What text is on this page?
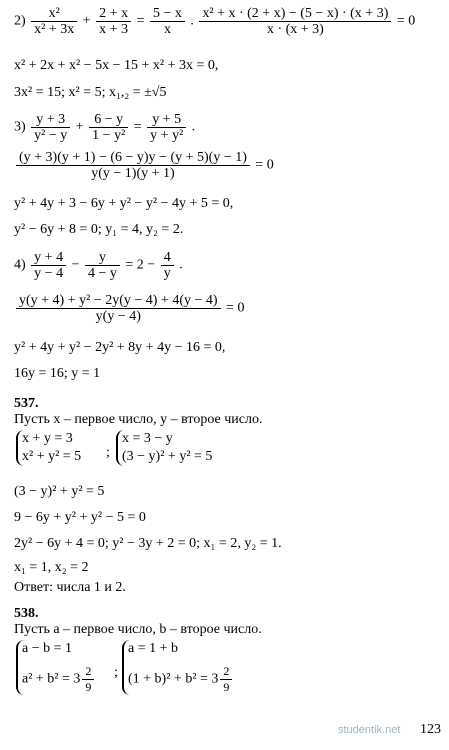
$2) \frac{\text{x²}}{\text{x² + 3x}} + \frac{2 + x}{x + 3} = \frac{5 - x}{x}$ . $\frac{\text{x² + x · (2 + x) − (5 − x) · (x + 3)}}{x \cdot (x + 3)} = 0$
x² + 2x + x² − 5x − 15 + x² + 3x = 0,
3x² = 15; x² = 5; x₁,₂ = ±√5
$3) \frac{y + 3}{\text{y² − y}} + \frac{6 - y}{\text{1 − y²}} = \frac{y + 5}{\text{y + y²}}$ .
$\frac{(y + 3)(y + 1) - (6 - y)y - (y + 5)(y - 1)}{y(y - 1)(y + 1)} = 0$
y² + 4y + 3 − 6y + y² − y² − 4y + 5 = 0,
y² − 6y + 8 = 0; y₁ = 4, y₂ = 2.
$4) \frac{y + 4}{y - 4} - \frac{y}{4 - y} = 2 - \frac{4}{y}$ .
$\frac{\text{y(y + 4) + y² − 2y(y − 4) + 4(y − 4)}}{y(y - 4)} = 0$
y² + 4y + y² − 2y² + 8y + 4y − 16 = 0,
16y = 16; y = 1
537.
Пусть x – первое число, y – второе число.
x + y = 3
x² + y² = 5 ;
x = 3 − y
(3 − y)² + y² = 5
(3 − y)² + y² = 5
9 − 6y + y² + y² − 5 = 0
2y² − 6y + 4 = 0; y² − 3y + 2 = 0; x₁ = 2, y₂ = 1.
x₁ = 1, x₂ = 2
Ответ: числа 1 и 2.
538.
Пусть a – первое число, b – второе число.
a − b = 1
$a^2 + b^2 = 3 \frac{2}{9}$ ;
a = 1 + b
$(1 + b)^2 + b^2 = 3 \frac{2}{9}$
studentik.net 123
